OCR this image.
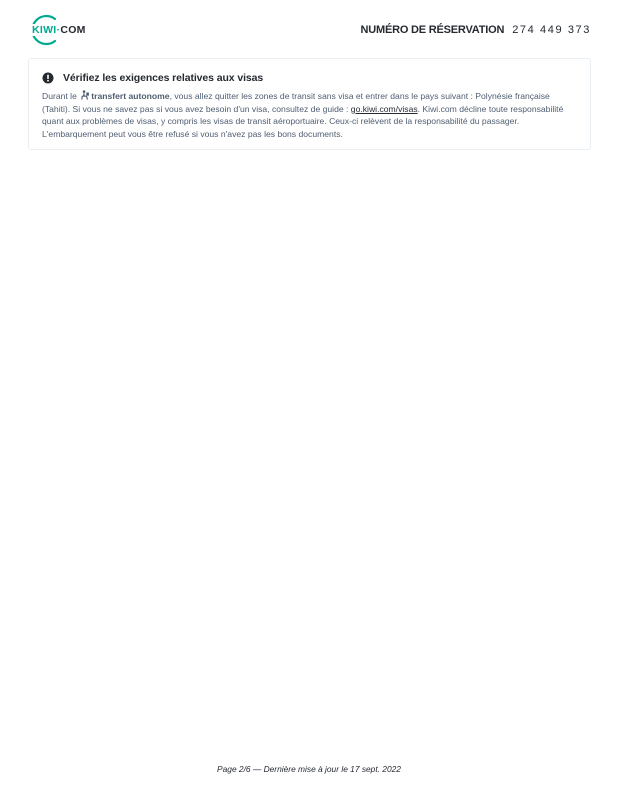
KIWI·COM	NUMÉRO DE RÉSERVATION 274 449 373
Vérifiez les exigences relatives aux visas

Durant le transfert autonome, vous allez quitter les zones de transit sans visa et entrer dans le pays suivant : Polynésie française (Tahiti). Si vous ne savez pas si vous avez besoin d'un visa, consultez de guide : go.kiwi.com/visas. Kiwi.com décline toute responsabilité quant aux problèmes de visas, y compris les visas de transit aéroportuaire. Ceux-ci relèvent de la responsabilité du passager. L'embarquement peut vous être refusé si vous n'avez pas les bons documents.

Page 2/6 — Dernière mise à jour le 17 sept. 2022
